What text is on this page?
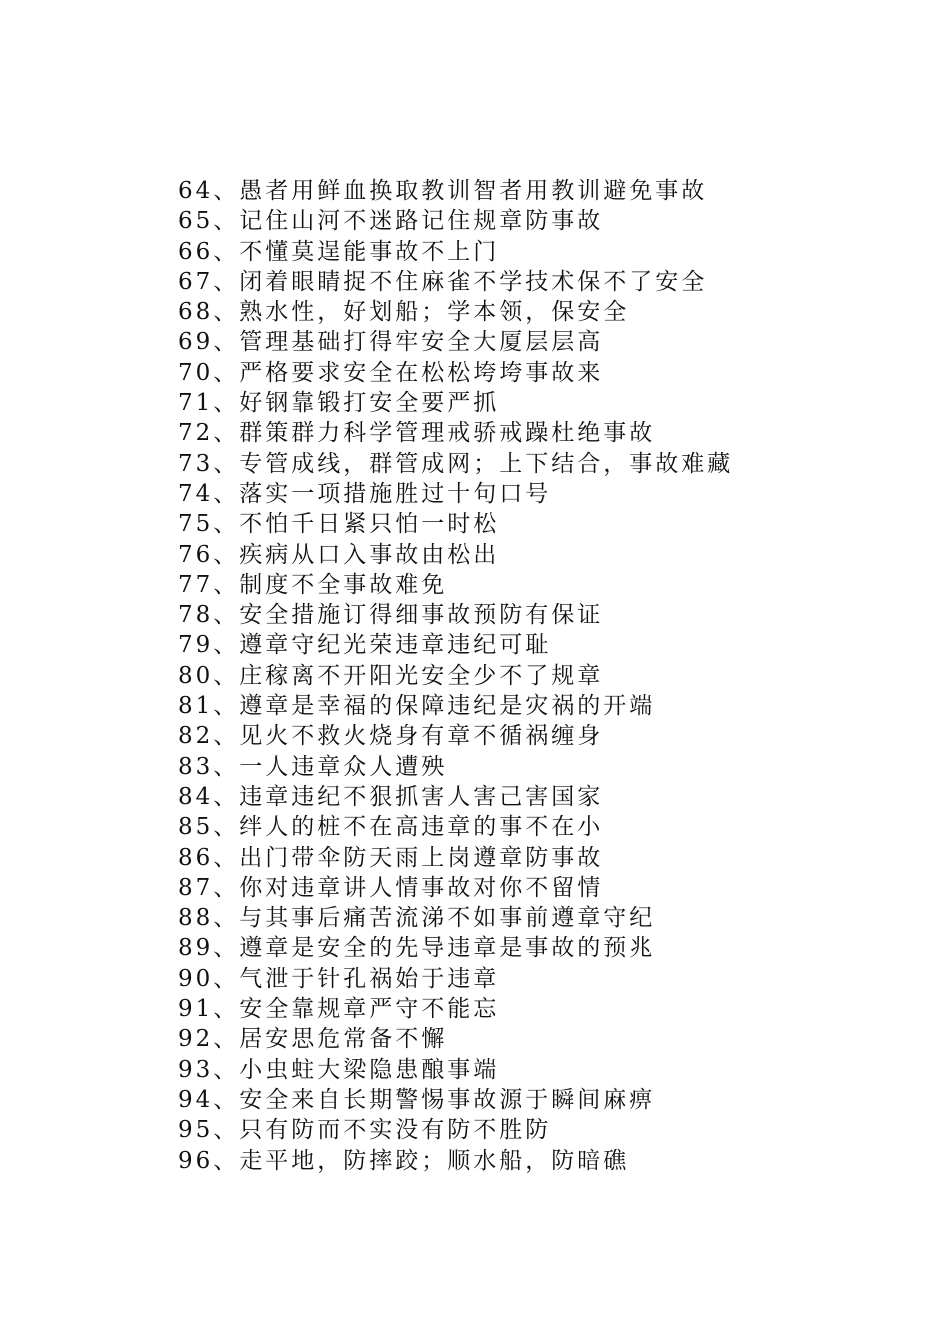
64、愚者用鲜血换取教训智者用教训避免事故
65、记住山河不迷路记住规章防事故
66、不懂莫逞能事故不上门
67、闭着眼睛捉不住麻雀不学技术保不了安全
68、熟水性，好划船；学本领，保安全
69、管理基础打得牢安全大厦层层高
70、严格要求安全在松松垮垮事故来
71、好钢靠锻打安全要严抓
72、群策群力科学管理戒骄戒躁杜绝事故
73、专管成线，群管成网；上下结合，事故难藏
74、落实一项措施胜过十句口号
75、不怕千日紧只怕一时松
76、疾病从口入事故由松出
77、制度不全事故难免
78、安全措施订得细事故预防有保证
79、遵章守纪光荣违章违纪可耻
80、庄稼离不开阳光安全少不了规章
81、遵章是幸福的保障违纪是灾祸的开端
82、见火不救火烧身有章不循祸缠身
83、一人违章众人遭殃
84、违章违纪不狠抓害人害己害国家
85、绊人的桩不在高违章的事不在小
86、出门带伞防天雨上岗遵章防事故
87、你对违章讲人情事故对你不留情
88、与其事后痛苦流涕不如事前遵章守纪
89、遵章是安全的先导违章是事故的预兆
90、气泄于针孔祸始于违章
91、安全靠规章严守不能忘
92、居安思危常备不懈
93、小虫蛀大梁隐患酿事端
94、安全来自长期警惕事故源于瞬间麻痹
95、只有防而不实没有防不胜防
96、走平地，防摔跤；顺水船，防暗礁
